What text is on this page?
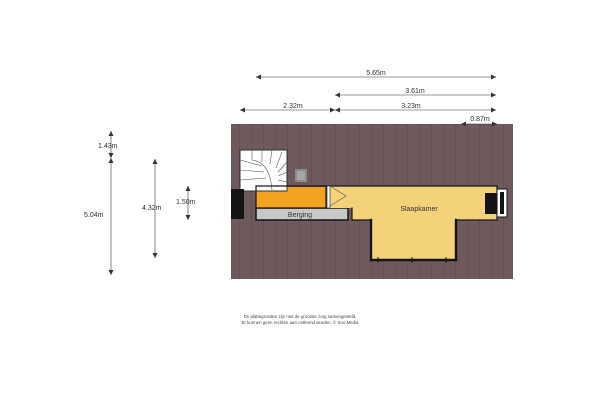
Slaapkamer
Berging
5.65m
3.61m
2.32m	3.23m
0.87m
1.43m
5.04m
4.32m
1.50m
De plattegronden zijn met de grootste zorg samengesteld.
Er kunnen geen rechten aan ontleend worden. © Soo Media
